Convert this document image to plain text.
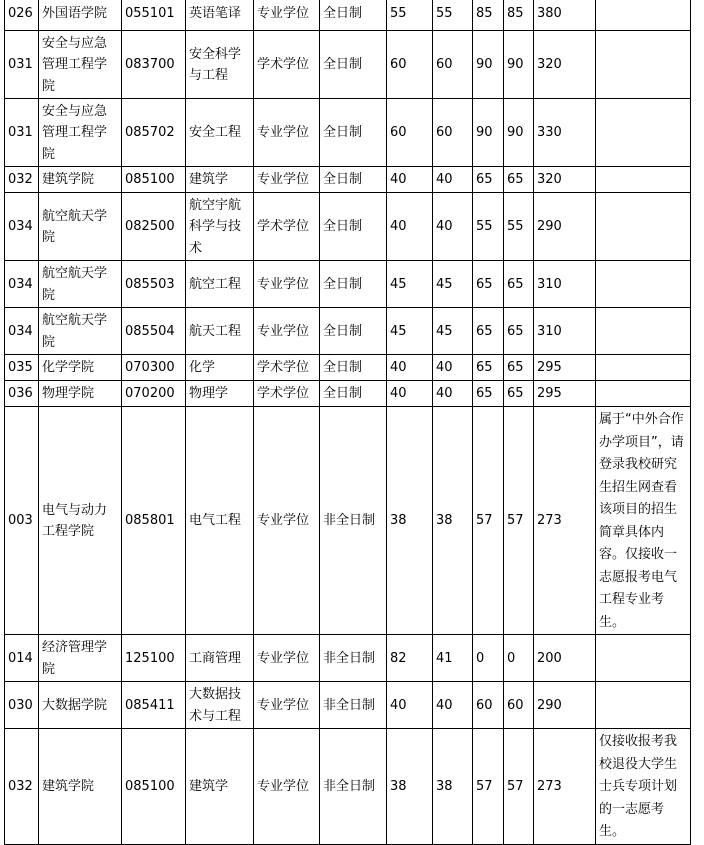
026	外国语学院	055101	英语笔译	专业学位	全日制	55	55	85	85	380	
031	安全与应急管理工程学院	083700	安全科学与工程	学术学位	全日制	60	60	90	90	320	
031	安全与应急管理工程学院	085702	安全工程	专业学位	全日制	60	60	90	90	330	
032	建筑学院	085100	建筑学	专业学位	全日制	40	40	65	65	320	
034	航空航天学院	082500	航空宇航科学与技术	学术学位	全日制	40	40	55	55	290	
034	航空航天学院	085503	航空工程	专业学位	全日制	45	45	65	65	310	
034	航空航天学院	085504	航天工程	专业学位	全日制	45	45	65	65	310	
035	化学学院	070300	化学	学术学位	全日制	40	40	65	65	295	
036	物理学院	070200	物理学	学术学位	全日制	40	40	65	65	295	
003	电气与动力工程学院	085801	电气工程	专业学位	非全日制	38	38	57	57	273	属于“中外合作办学项目”，请登录我校研究生招生网查看该项目的招生简章具体内容。仅接收一志愿报考电气工程专业考生。
014	经济管理学院	125100	工商管理	专业学位	非全日制	82	41	0	0	200	
030	大数据学院	085411	大数据技术与工程	专业学位	非全日制	40	40	60	60	290	
032	建筑学院	085100	建筑学	专业学位	非全日制	38	38	57	57	273	仅接收报考我校退役大学生士兵专项计划的一志愿考生。
